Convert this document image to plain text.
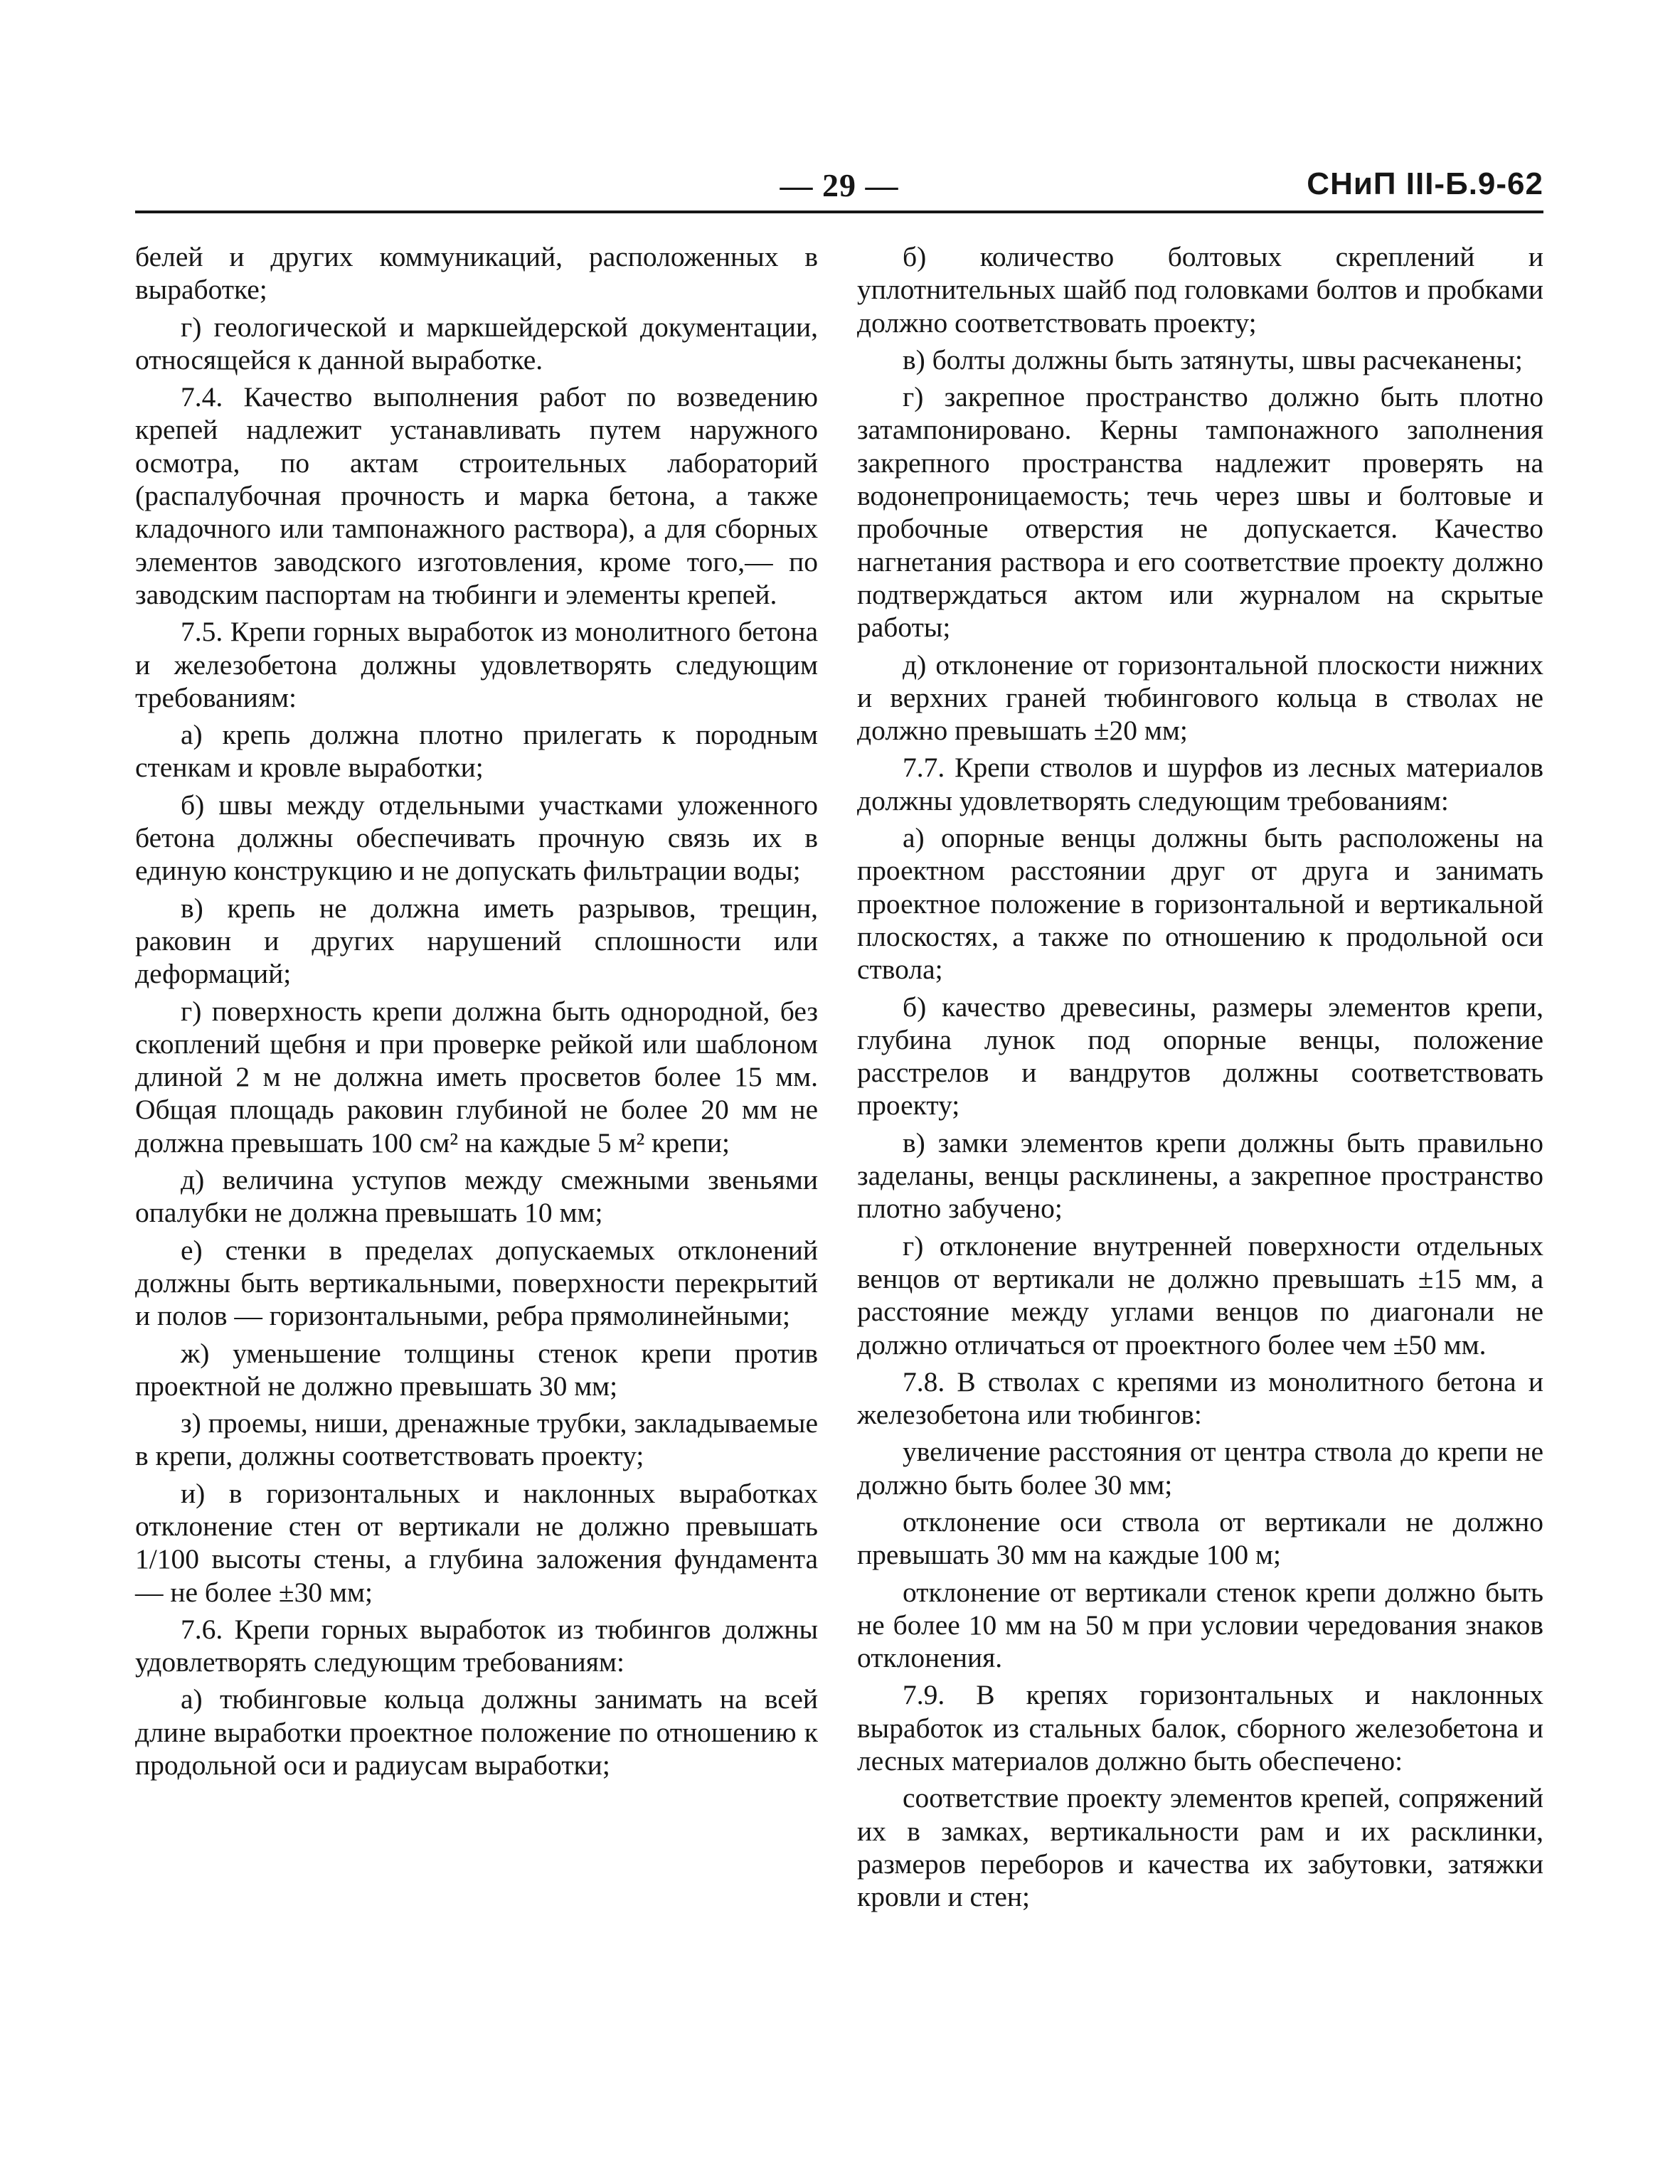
— 29 —	СНиП III-Б.9-62

белей и других коммуникаций, расположенных в выработке;

г) геологической и маркшейдерской документации, относящейся к данной выработке.

7.4. Качество выполнения работ по возведению крепей надлежит устанавливать путем наружного осмотра, по актам строительных лабораторий (распалубочная прочность и марка бетона, а также кладочного или тампонажного раствора), а для сборных элементов заводского изготовления, кроме того,— по заводским паспортам на тюбинги и элементы крепей.

7.5. Крепи горных выработок из монолитного бетона и железобетона должны удовлетворять следующим требованиям:

а) крепь должна плотно прилегать к породным стенкам и кровле выработки;

б) швы между отдельными участками уложенного бетона должны обеспечивать прочную связь их в единую конструкцию и не допускать фильтрации воды;

в) крепь не должна иметь разрывов, трещин, раковин и других нарушений сплошности или деформаций;

г) поверхность крепи должна быть однородной, без скоплений щебня и при проверке рейкой или шаблоном длиной 2 м не должна иметь просветов более 15 мм. Общая площадь раковин глубиной не более 20 мм не должна превышать 100 см² на каждые 5 м² крепи;

д) величина уступов между смежными звеньями опалубки не должна превышать 10 мм;

е) стенки в пределах допускаемых отклонений должны быть вертикальными, поверхности перекрытий и полов — горизонтальными, ребра прямолинейными;

ж) уменьшение толщины стенок крепи против проектной не должно превышать 30 мм;

з) проемы, ниши, дренажные трубки, закладываемые в крепи, должны соответствовать проекту;

и) в горизонтальных и наклонных выработках отклонение стен от вертикали не должно превышать 1/100 высоты стены, а глубина заложения фундамента — не более ±30 мм;

7.6. Крепи горных выработок из тюбингов должны удовлетворять следующим требованиям:

а) тюбинговые кольца должны занимать на всей длине выработки проектное положение по отношению к продольной оси и радиусам выработки;

б) количество болтовых скреплений и уплотнительных шайб под головками болтов и пробками должно соответствовать проекту;

в) болты должны быть затянуты, швы расчеканены;

г) закрепное пространство должно быть плотно затампонировано. Керны тампонажного заполнения закрепного пространства надлежит проверять на водонепроницаемость; течь через швы и болтовые и пробочные отверстия не допускается. Качество нагнетания раствора и его соответствие проекту должно подтверждаться актом или журналом на скрытые работы;

д) отклонение от горизонтальной плоскости нижних и верхних граней тюбингового кольца в стволах не должно превышать ±20 мм;

7.7. Крепи стволов и шурфов из лесных материалов должны удовлетворять следующим требованиям:

а) опорные венцы должны быть расположены на проектном расстоянии друг от друга и занимать проектное положение в горизонтальной и вертикальной плоскостях, а также по отношению к продольной оси ствола;

б) качество древесины, размеры элементов крепи, глубина лунок под опорные венцы, положение расстрелов и вандрутов должны соответствовать проекту;

в) замки элементов крепи должны быть правильно заделаны, венцы расклинены, а закрепное пространство плотно забучено;

г) отклонение внутренней поверхности отдельных венцов от вертикали не должно превышать ±15 мм, а расстояние между углами венцов по диагонали не должно отличаться от проектного более чем ±50 мм.

7.8. В стволах с крепями из монолитного бетона и железобетона или тюбингов:

увеличение расстояния от центра ствола до крепи не должно быть более 30 мм;

отклонение оси ствола от вертикали не должно превышать 30 мм на каждые 100 м;

отклонение от вертикали стенок крепи должно быть не более 10 мм на 50 м при условии чередования знаков отклонения.

7.9. В крепях горизонтальных и наклонных выработок из стальных балок, сборного железобетона и лесных материалов должно быть обеспечено:

соответствие проекту элементов крепей, сопряжений их в замках, вертикальности рам и их расклинки, размеров переборов и качества их забутовки, затяжки кровли и стен;
